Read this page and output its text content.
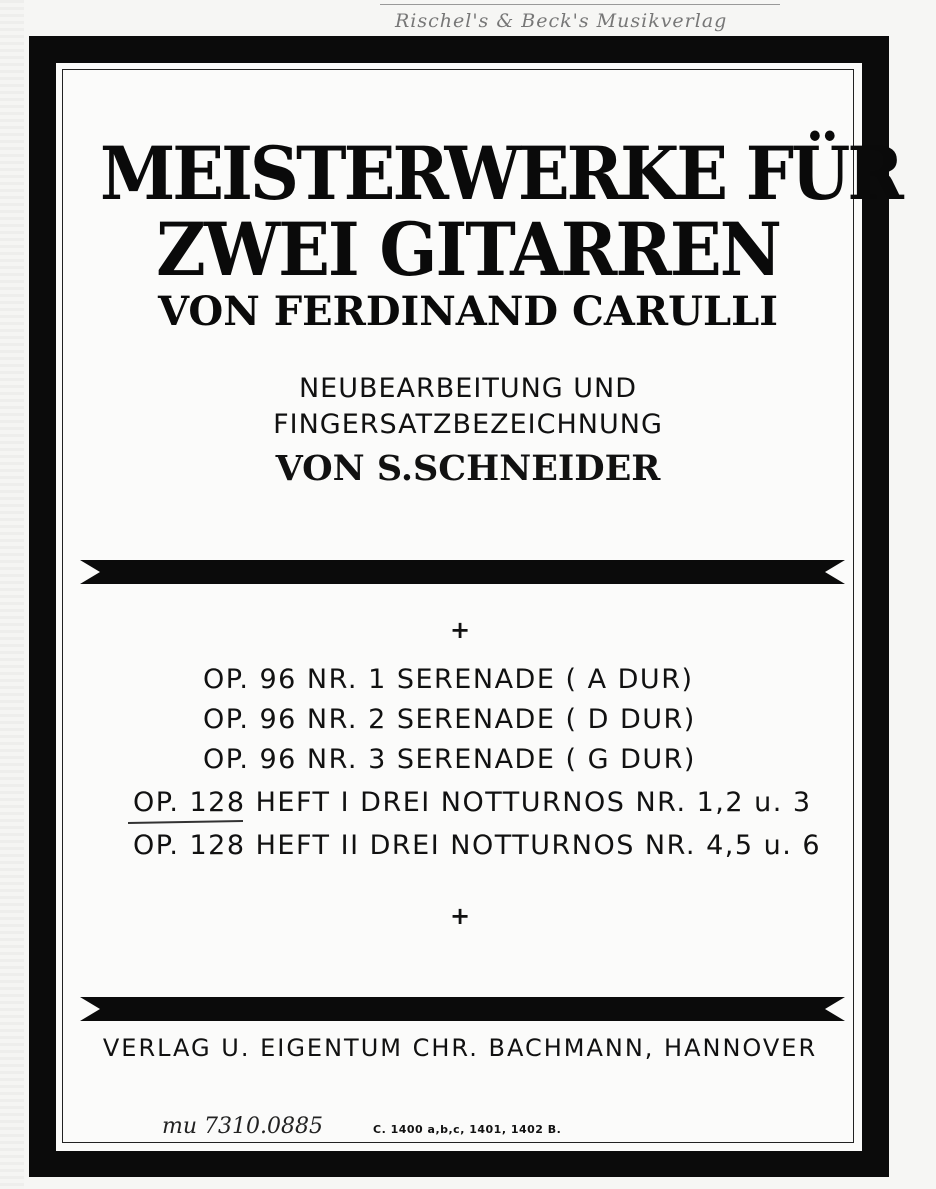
Rischel's & Beck's Musikverlag
MEISTERWERKE FÜR
ZWEI GITARREN
VON FERDINAND CARULLI
NEUBEARBEITUNG UND
FINGERSATZBEZEICHNUNG
VON S.SCHNEIDER
+
OP. 96 NR. 1 SERENADE ( A DUR)
OP. 96 NR. 2 SERENADE ( D DUR)
OP. 96 NR. 3 SERENADE ( G DUR)
OP. 128 HEFT I DREI NOTTURNOS NR. 1,2 u. 3
OP. 128 HEFT II DREI NOTTURNOS NR. 4,5 u. 6
+
VERLAG U. EIGENTUM CHR. BACHMANN, HANNOVER
mu 7310.0885	C. 1400 a,b,c, 1401, 1402 B.
